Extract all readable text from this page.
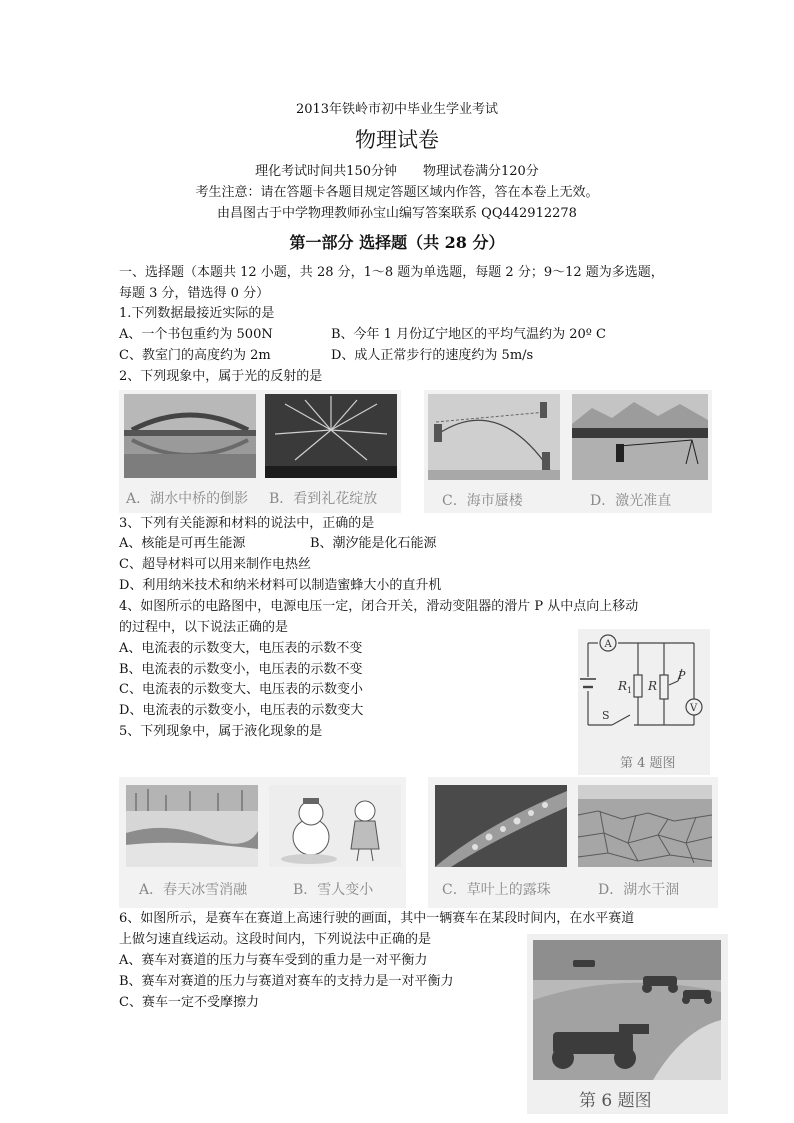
2013年铁岭市初中毕业生学业考试
物理试卷
理化考试时间共150分钟　　物理试卷满分120分
考生注意：请在答题卡各题目规定答题区域内作答，答在本卷上无效。
由昌图古于中学物理教师孙宝山编写答案联系 QQ442912278
第一部分 选择题（共 28 分）
一、选择题（本题共 12 小题，共 28 分，1～8 题为单选题，每题 2 分；9～12 题为多选题，
每题 3 分，错选得 0 分）
1.下列数据最接近实际的是
A、一个书包重约为 500N	B、今年 1 月份辽宁地区的平均气温约为 20º C
C、教室门的高度约为 2m	D、成人正常步行的速度约为 5m/s
2、下列现象中，属于光的反射的是
A．湖水中桥的倒影 B．看到礼花绽放	C．海市蜃楼	D．激光准直
3、下列有关能源和材料的说法中，正确的是
A、核能是可再生能源	B、潮汐能是化石能源
C、超导材料可以用来制作电热丝
D、利用纳米技术和纳米材料可以制造蜜蜂大小的直升机
4、如图所示的电路图中，电源电压一定，闭合开关，滑动变阻器的滑片 P 从中点向上移动
的过程中，以下说法正确的是
A、电流表的示数变大，电压表的示数不变
B、电流表的示数变小，电压表的示数不变
C、电流表的示数变大、电压表的示数变小
D、电流表的示数变小，电压表的示数变大
5、下列现象中，属于液化现象的是
A
V
R 1 R
P
S
第 4 题图
A．春天冰雪消融	B．雪人变小	C．草叶上的露珠	D．湖水干涸
6、如图所示，是赛车在赛道上高速行驶的画面，其中一辆赛车在某段时间内，在水平赛道
上做匀速直线运动。这段时间内，下列说法中正确的是
A、赛车对赛道的压力与赛车受到的重力是一对平衡力
B、赛车对赛道的压力与赛道对赛车的支持力是一对平衡力
C、赛车一定不受摩擦力
第 6 题图
